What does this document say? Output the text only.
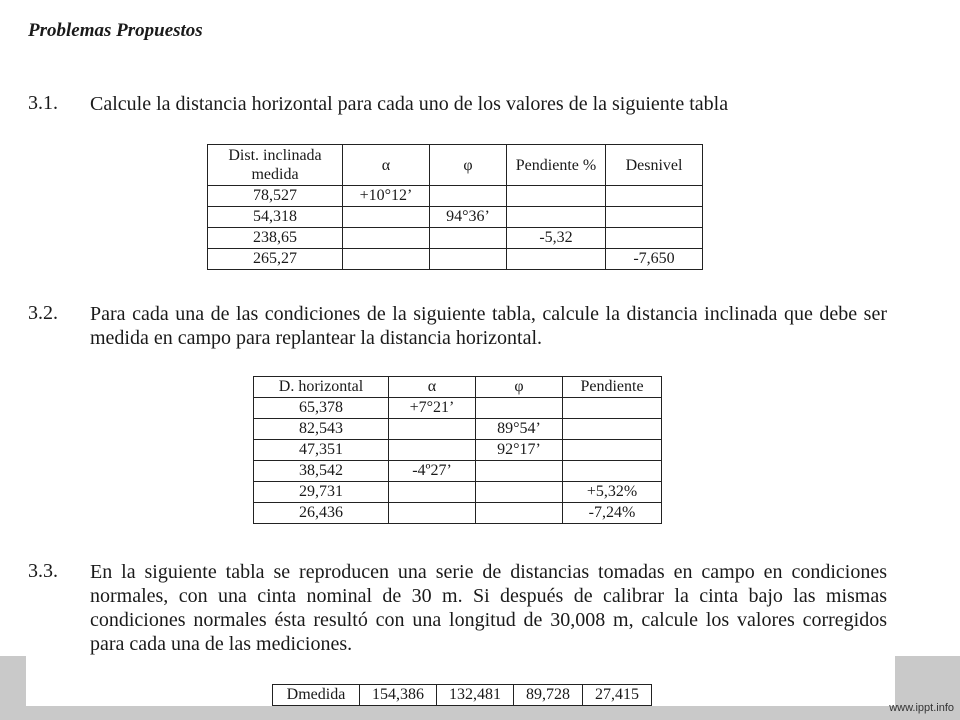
Problemas Propuestos
3.1. Calcule la distancia horizontal para cada uno de los valores de la siguiente tabla
Dist. inclinada medida	α	φ	Pendiente %	Desnivel
78,527	+10°12’			
54,318		94°36’		
238,65			-5,32	
265,27				-7,650
3.2. Para cada una de las condiciones de la siguiente tabla, calcule la distancia inclinada que debe ser medida en campo para replantear la distancia horizontal.
D. horizontal	α	φ	Pendiente
65,378	+7°21’		
82,543		89°54’	
47,351		92°17’	
38,542	-4º27’		
29,731			+5,32%
26,436			-7,24%
3.3. En la siguiente tabla se reproducen una serie de distancias tomadas en campo en condiciones normales, con una cinta nominal de 30 m. Si después de calibrar la cinta bajo las mismas condiciones normales ésta resultó con una longitud de 30,008 m, calcule los valores corregidos para cada una de las mediciones.
Dmedida	154,386	132,481	89,728	27,415
www.ippt.info
